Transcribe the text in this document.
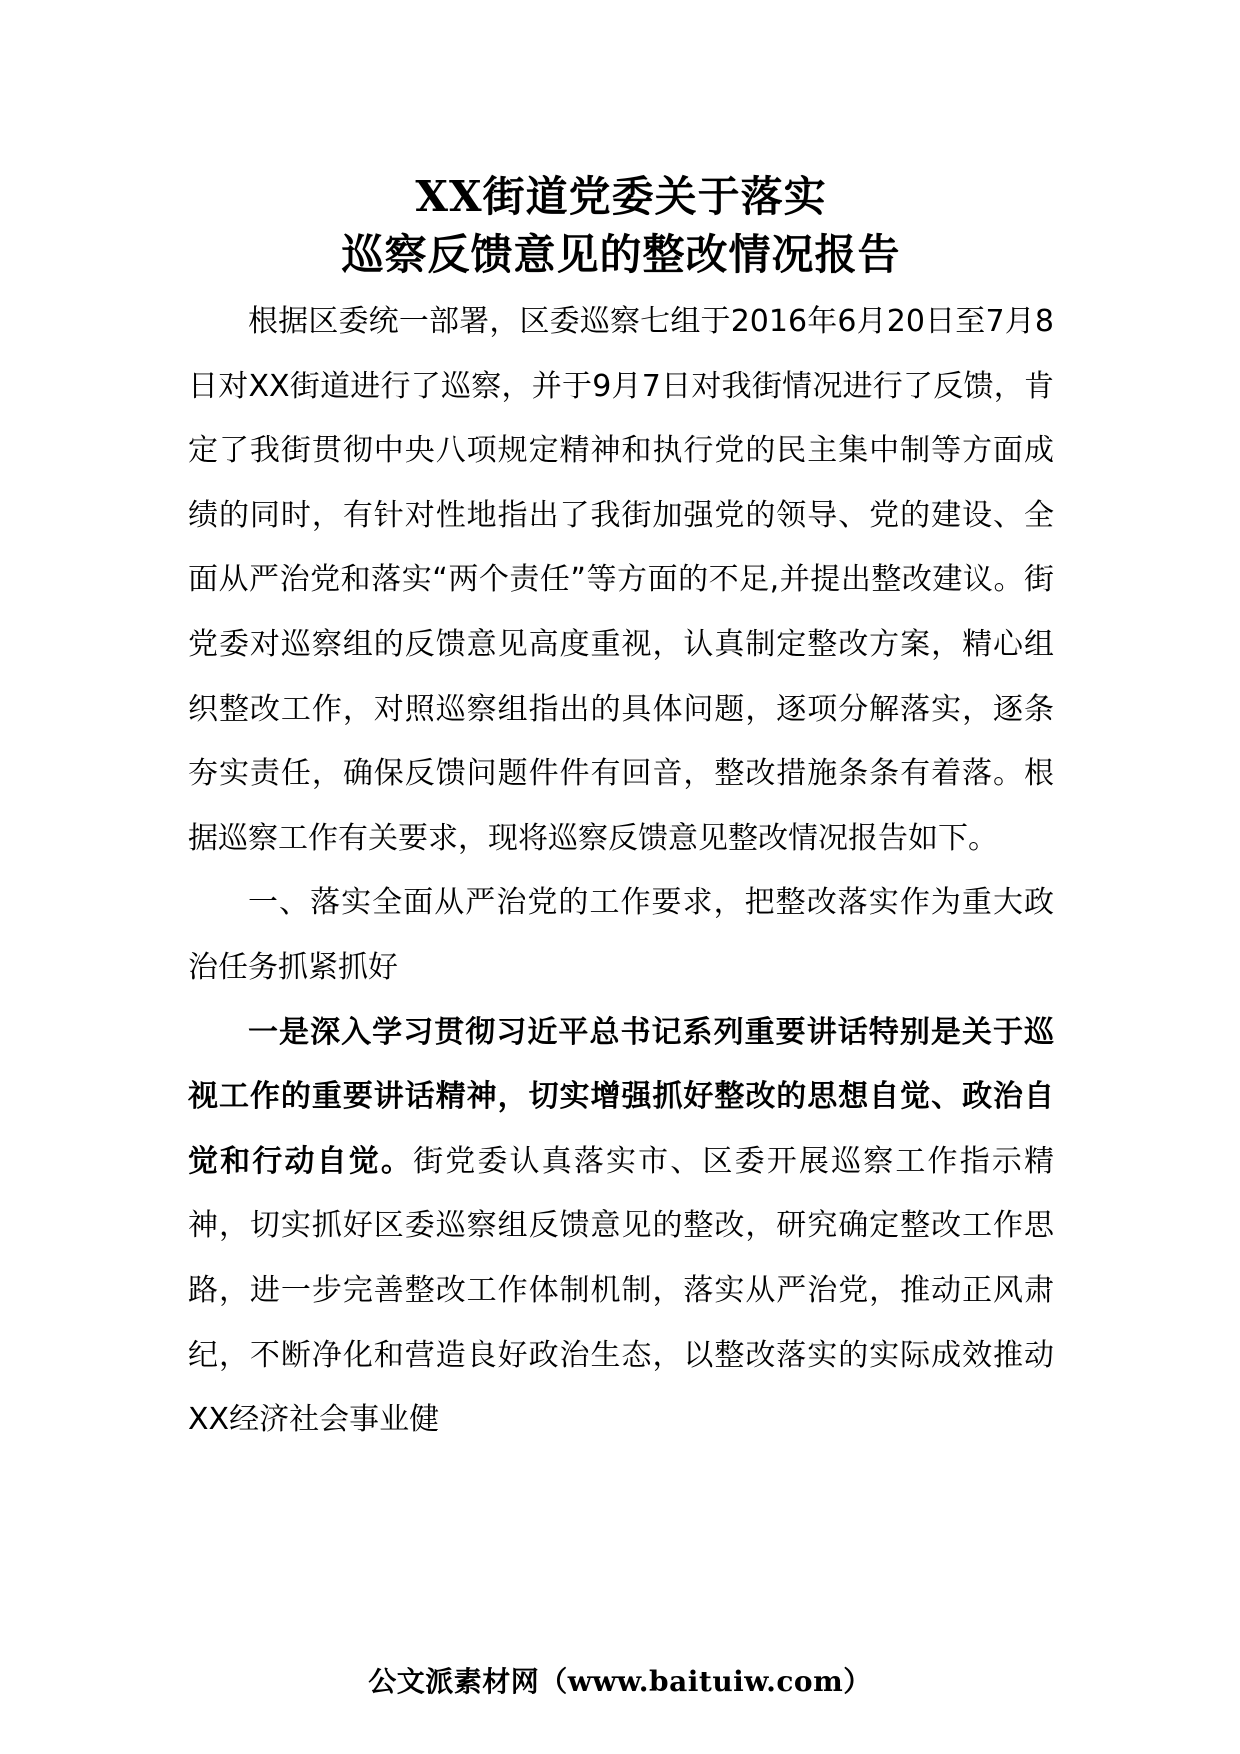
XX街道党委关于落实
巡察反馈意见的整改情况报告

根据区委统一部署，区委巡察七组于2016年6月20日至7月8日对XX街道进行了巡察，并于9月7日对我街情况进行了反馈，肯定了我街贯彻中央八项规定精神和执行党的民主集中制等方面成绩的同时，有针对性地指出了我街加强党的领导、党的建设、全面从严治党和落实“两个责任”等方面的不足,并提出整改建议。街党委对巡察组的反馈意见高度重视，认真制定整改方案，精心组织整改工作，对照巡察组指出的具体问题，逐项分解落实，逐条夯实责任，确保反馈问题件件有回音，整改措施条条有着落。根据巡察工作有关要求，现将巡察反馈意见整改情况报告如下。

一、落实全面从严治党的工作要求，把整改落实作为重大政治任务抓紧抓好

一是深入学习贯彻习近平总书记系列重要讲话特别是关于巡视工作的重要讲话精神，切实增强抓好整改的思想自觉、政治自觉和行动自觉。街党委认真落实市、区委开展巡察工作指示精神，切实抓好区委巡察组反馈意见的整改，研究确定整改工作思路，进一步完善整改工作体制机制，落实从严治党，推动正风肃纪，不断净化和营造良好政治生态，以整改落实的实际成效推动XX经济社会事业健

公文派素材网（www.baituiw.com）
